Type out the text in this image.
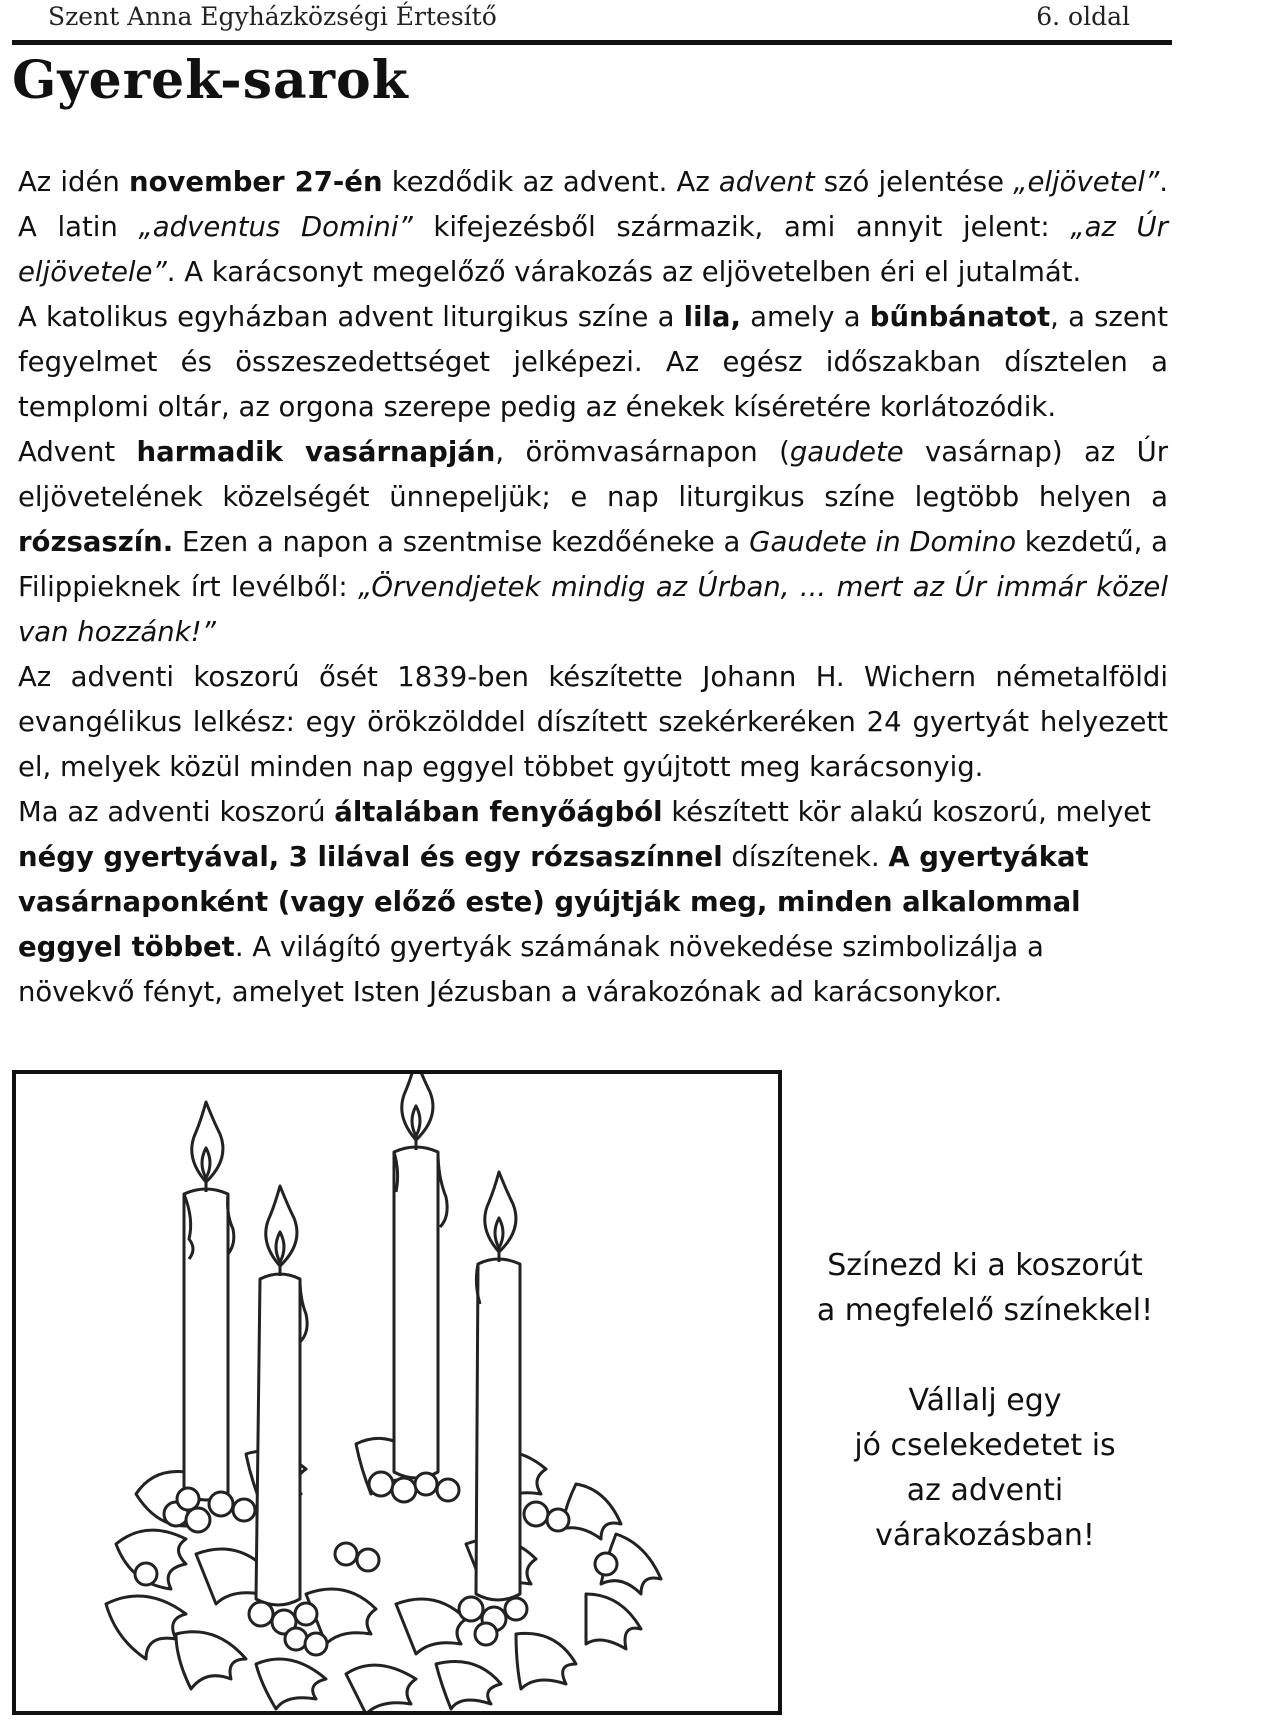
Szent Anna Egyházközségi Értesítő	6. oldal
Gyerek-sarok

Az idén november 27-én kezdődik az advent. Az advent szó jelentése „eljövetel”. A latin „adventus Domini” kifejezésből származik, ami annyit jelent: „az Úr eljövetele”. A karácsonyt megelőző várakozás az eljövetelben éri el jutalmát.

A katolikus egyházban advent liturgikus színe a lila, amely a bűnbánatot, a szent fegyelmet és összeszedettséget jelképezi. Az egész időszakban dísztelen a templomi oltár, az orgona szerepe pedig az énekek kíséretére korlátozódik.

Advent harmadik vasárnapján, örömvasárnapon (gaudete vasárnap) az Úr eljövetelének közelségét ünnepeljük; e nap liturgikus színe legtöbb helyen a rózsaszín. Ezen a napon a szentmise kezdőéneke a Gaudete in Domino kezdetű, a Filippieknek írt levélből: „Örvendjetek mindig az Úrban, ... mert az Úr immár közel van hozzánk!”

Az adventi koszorú ősét 1839-ben készítette Johann H. Wichern németalföldi evangélikus lelkész: egy örökzölddel díszített szekérkeréken 24 gyertyát helyezett el, melyek közül minden nap eggyel többet gyújtott meg karácsonyig.

Ma az adventi koszorú általában fenyőágból készített kör alakú koszorú, melyet négy gyertyával, 3 lilával és egy rózsaszínnel díszítenek. A gyertyákat vasárnaponként (vagy előző este) gyújtják meg, minden alkalommal eggyel többet. A világító gyertyák számának növekedése szimbolizálja a növekvő fényt, amelyet Isten Jézusban a várakozónak ad karácsonykor.

Színezd ki a koszorút
a megfelelő színekkel!
Vállalj egy
jó cselekedetet is
az adventi
várakozásban!
